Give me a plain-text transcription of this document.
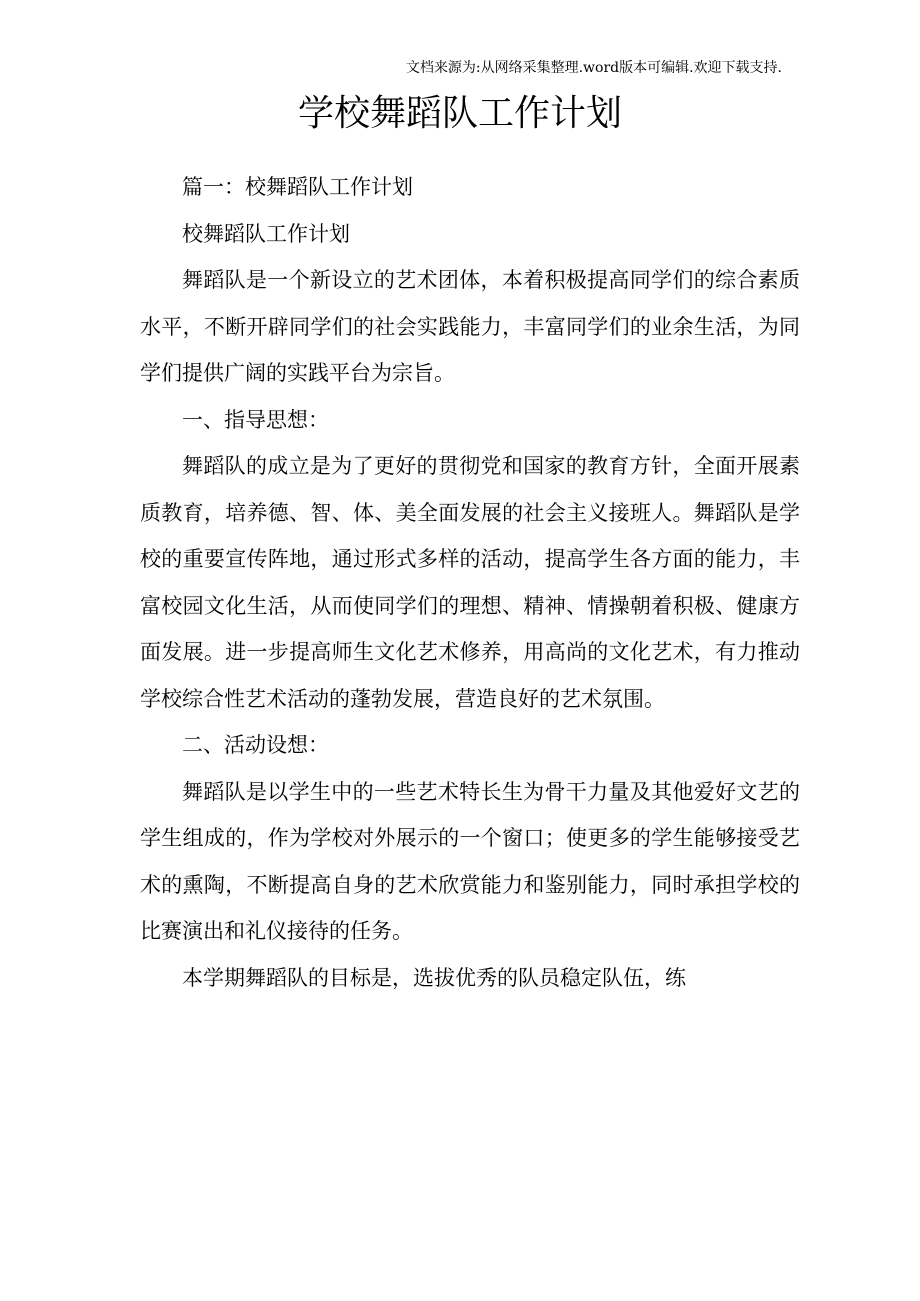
文档来源为:从网络采集整理.word版本可编辑.欢迎下载支持.
学校舞蹈队工作计划

篇一：校舞蹈队工作计划

校舞蹈队工作计划

舞蹈队是一个新设立的艺术团体，本着积极提高同学们的综合素质水平，不断开辟同学们的社会实践能力，丰富同学们的业余生活，为同学们提供广阔的实践平台为宗旨。

一、指导思想：

舞蹈队的成立是为了更好的贯彻党和国家的教育方针，全面开展素质教育，培养德、智、体、美全面发展的社会主义接班人。舞蹈队是学校的重要宣传阵地，通过形式多样的活动，提高学生各方面的能力，丰富校园文化生活，从而使同学们的理想、精神、情操朝着积极、健康方面发展。进一步提高师生文化艺术修养，用高尚的文化艺术，有力推动学校综合性艺术活动的蓬勃发展，营造良好的艺术氛围。

二、活动设想：

舞蹈队是以学生中的一些艺术特长生为骨干力量及其他爱好文艺的学生组成的，作为学校对外展示的一个窗口；使更多的学生能够接受艺术的熏陶，不断提高自身的艺术欣赏能力和鉴别能力，同时承担学校的比赛演出和礼仪接待的任务。

本学期舞蹈队的目标是，选拔优秀的队员稳定队伍，练
